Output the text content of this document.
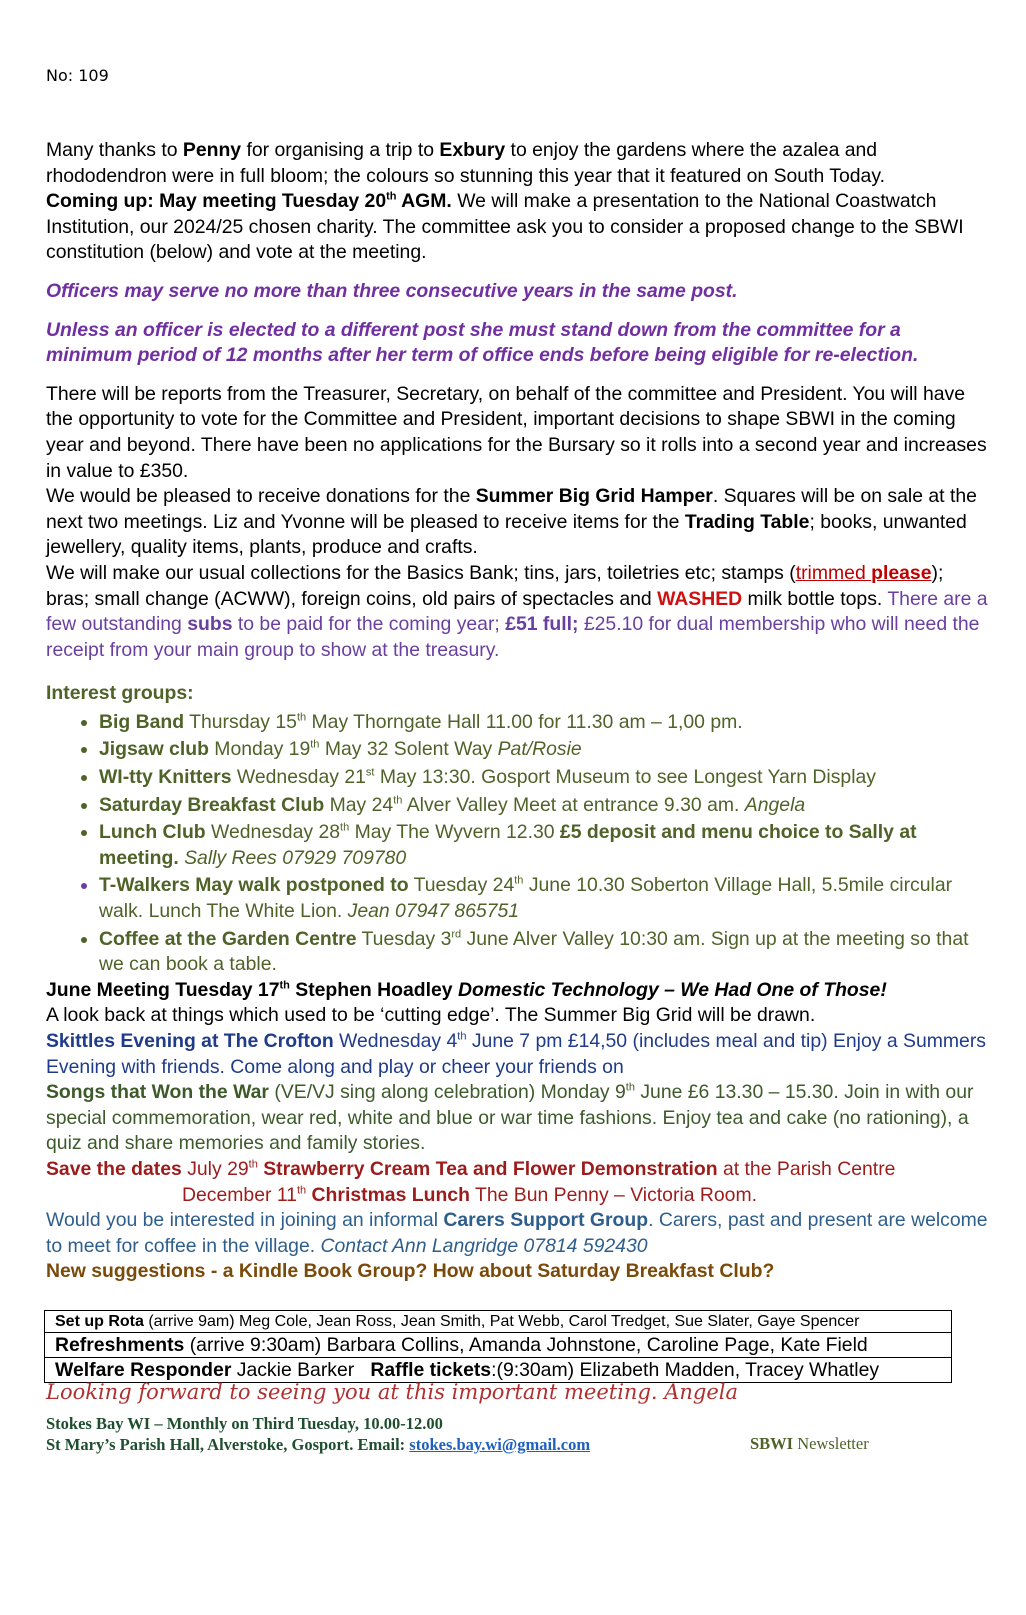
No: 109

Many thanks to Penny for organising a trip to Exbury to enjoy the gardens where the azalea and rhododendron were in full bloom; the colours so stunning this year that it featured on South Today.
Coming up: May meeting Tuesday 20th AGM. We will make a presentation to the National Coastwatch Institution, our 2024/25 chosen charity. The committee ask you to consider a proposed change to the SBWI constitution (below) and vote at the meeting.

Officers may serve no more than three consecutive years in the same post.

Unless an officer is elected to a different post she must stand down from the committee for a minimum period of 12 months after her term of office ends before being eligible for re-election.

There will be reports from the Treasurer, Secretary, on behalf of the committee and President. You will have the opportunity to vote for the Committee and President, important decisions to shape SBWI in the coming year and beyond. There have been no applications for the Bursary so it rolls into a second year and increases in value to £350.

We would be pleased to receive donations for the Summer Big Grid Hamper. Squares will be on sale at the next two meetings. Liz and Yvonne will be pleased to receive items for the Trading Table; books, unwanted jewellery, quality items, plants, produce and crafts.

We will make our usual collections for the Basics Bank; tins, jars, toiletries etc; stamps (trimmed please); bras; small change (ACWW), foreign coins, old pairs of spectacles and WASHED milk bottle tops. There are a few outstanding subs to be paid for the coming year; £51 full; £25.10 for dual membership who will need the receipt from your main group to show at the treasury.

Interest groups:

• Big Band Thursday 15th May Thorngate Hall 11.00 for 11.30 am – 1,00 pm.
• Jigsaw club Monday 19th May 32 Solent Way Pat/Rosie
• WI-tty Knitters Wednesday 21st May 13:30. Gosport Museum to see Longest Yarn Display
• Saturday Breakfast Club May 24th Alver Valley Meet at entrance 9.30 am. Angela
• Lunch Club Wednesday 28th May The Wyvern 12.30 £5 deposit and menu choice to Sally at meeting. Sally Rees 07929 709780
• T-Walkers May walk postponed to Tuesday 24th June 10.30 Soberton Village Hall, 5.5mile circular walk. Lunch The White Lion. Jean 07947 865751
• Coffee at the Garden Centre Tuesday 3rd June Alver Valley 10:30 am. Sign up at the meeting so that we can book a table.

June Meeting Tuesday 17th Stephen Hoadley Domestic Technology – We Had One of Those!
A look back at things which used to be ‘cutting edge’. The Summer Big Grid will be drawn.

Skittles Evening at The Crofton Wednesday 4th June 7 pm £14,50 (includes meal and tip) Enjoy a Summers Evening with friends. Come along and play or cheer your friends on

Songs that Won the War (VE/VJ sing along celebration) Monday 9th June £6 13.30 – 15.30. Join in with our special commemoration, wear red, white and blue or war time fashions. Enjoy tea and cake (no rationing), a quiz and share memories and family stories.

Save the dates July 29th Strawberry Cream Tea and Flower Demonstration at the Parish Centre
December 11th Christmas Lunch The Bun Penny – Victoria Room.

Would you be interested in joining an informal Carers Support Group. Carers, past and present are welcome to meet for coffee in the village. Contact Ann Langridge 07814 592430

New suggestions - a Kindle Book Group? How about Saturday Breakfast Club?

Set up Rota (arrive 9am) Meg Cole, Jean Ross, Jean Smith, Pat Webb, Carol Tredget, Sue Slater, Gaye Spencer
Refreshments (arrive 9:30am) Barbara Collins, Amanda Johnstone, Caroline Page, Kate Field
Welfare Responder Jackie Barker   Raffle tickets:(9:30am) Elizabeth Madden, Tracey Whatley
Looking forward to seeing you at this important meeting. Angela
Stokes Bay WI – Monthly on Third Tuesday, 10.00-12.00
St Mary’s Parish Hall, Alverstoke, Gosport. Email: stokes.bay.wi@gmail.com	SBWI Newsletter
